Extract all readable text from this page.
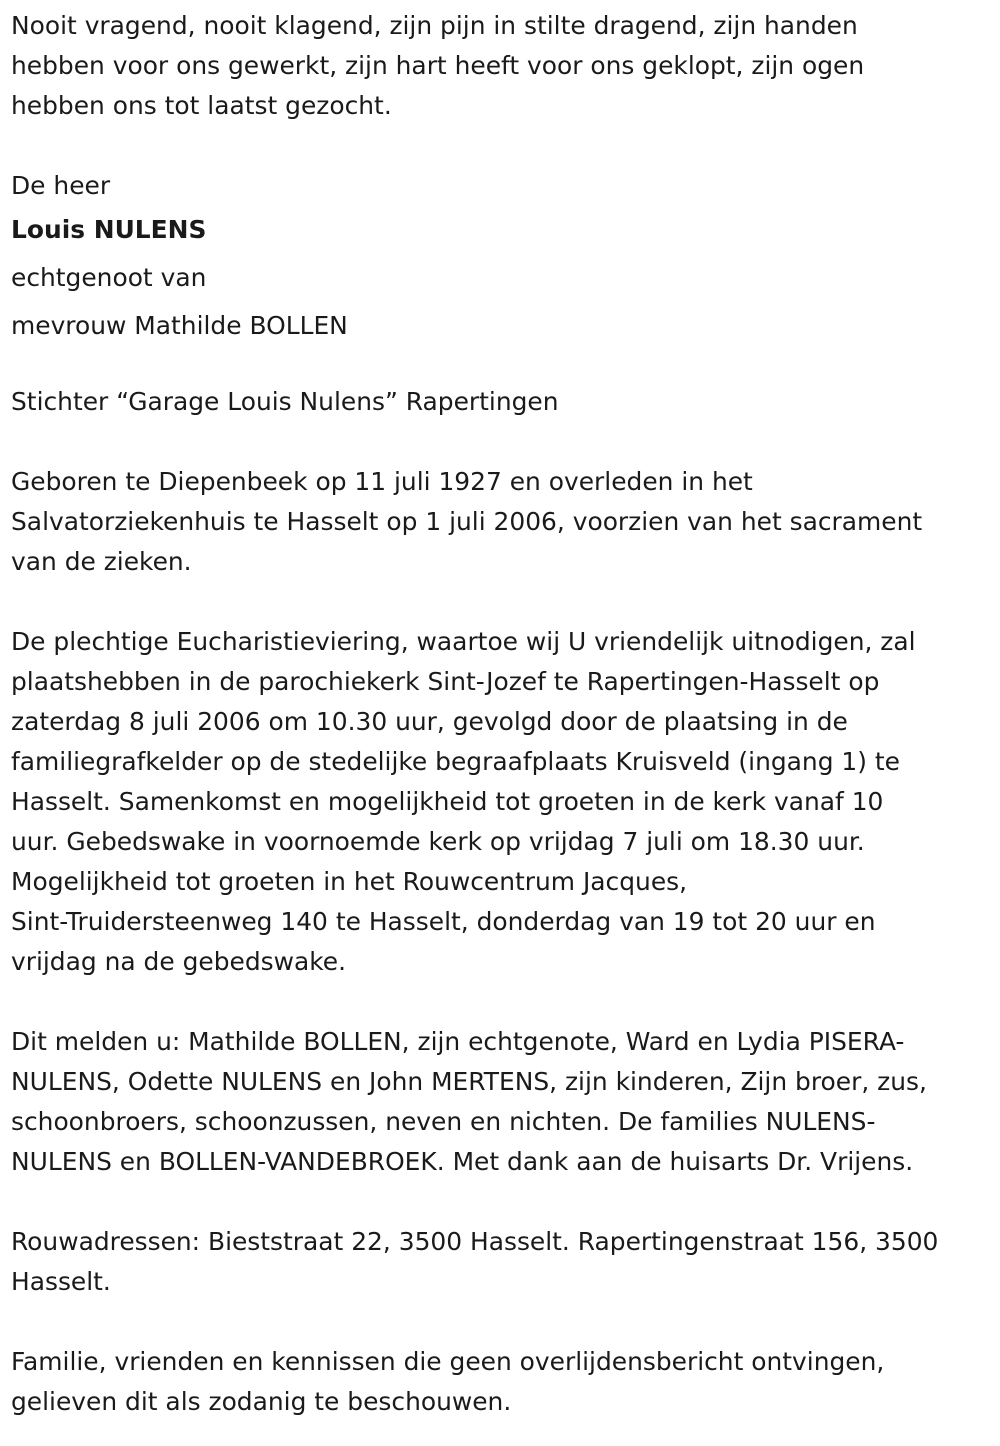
Nooit vragend, nooit klagend, zijn pijn in stilte dragend, zijn handen
hebben voor ons gewerkt, zijn hart heeft voor ons geklopt, zijn ogen
hebben ons tot laatst gezocht.
De heer
Louis NULENS
echtgenoot van
mevrouw Mathilde BOLLEN
Stichter “Garage Louis Nulens” Rapertingen
Geboren te Diepenbeek op 11 juli 1927 en overleden in het
Salvatorziekenhuis te Hasselt op 1 juli 2006, voorzien van het sacrament
van de zieken.
De plechtige Eucharistieviering, waartoe wij U vriendelijk uitnodigen, zal
plaatshebben in de parochiekerk Sint-Jozef te Rapertingen-Hasselt op
zaterdag 8 juli 2006 om 10.30 uur, gevolgd door de plaatsing in de
familiegrafkelder op de stedelijke begraafplaats Kruisveld (ingang 1) te
Hasselt. Samenkomst en mogelijkheid tot groeten in de kerk vanaf 10
uur. Gebedswake in voornoemde kerk op vrijdag 7 juli om 18.30 uur.
Mogelijkheid tot groeten in het Rouwcentrum Jacques,
Sint-Truidersteenweg 140 te Hasselt, donderdag van 19 tot 20 uur en
vrijdag na de gebedswake.
Dit melden u: Mathilde BOLLEN, zijn echtgenote, Ward en Lydia PISERA-
NULENS, Odette NULENS en John MERTENS, zijn kinderen, Zijn broer, zus,
schoonbroers, schoonzussen, neven en nichten. De families NULENS-
NULENS en BOLLEN-VANDEBROEK. Met dank aan de huisarts Dr. Vrijens.
Rouwadressen: Bieststraat 22, 3500 Hasselt. Rapertingenstraat 156, 3500
Hasselt.
Familie, vrienden en kennissen die geen overlijdensbericht ontvingen,
gelieven dit als zodanig te beschouwen.
